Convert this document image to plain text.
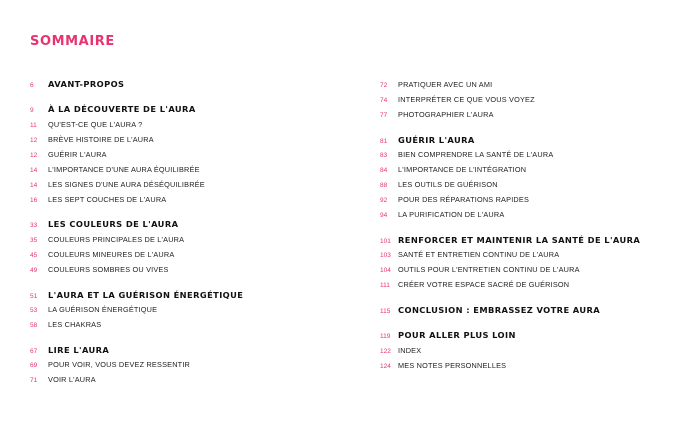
SOMMAIRE
6	AVANT-PROPOS
9	À LA DÉCOUVERTE DE L'AURA
11	QU'EST-CE QUE L'AURA ?
12	BRÈVE HISTOIRE DE L'AURA
12	GUÉRIR L'AURA
14	L'IMPORTANCE D'UNE AURA ÉQUILIBRÉE
14	LES SIGNES D'UNE AURA DÉSÉQUILIBRÉE
16	LES SEPT COUCHES DE L'AURA
33	LES COULEURS DE L'AURA
35	COULEURS PRINCIPALES DE L'AURA
45	COULEURS MINEURES DE L'AURA
49	COULEURS SOMBRES OU VIVES
51	L'AURA ET LA GUÉRISON ÉNERGÉTIQUE
53	LA GUÉRISON ÉNERGÉTIQUE
58	LES CHAKRAS
67	LIRE L'AURA
69	POUR VOIR, VOUS DEVEZ RESSENTIR
71	VOIR L'AURA
72	PRATIQUER AVEC UN AMI
74	INTERPRÉTER CE QUE VOUS VOYEZ
77	PHOTOGRAPHIER L'AURA
81	GUÉRIR L'AURA
83	BIEN COMPRENDRE LA SANTÉ DE L'AURA
84	L'IMPORTANCE DE L'INTÉGRATION
88	LES OUTILS DE GUÉRISON
92	POUR DES RÉPARATIONS RAPIDES
94	LA PURIFICATION DE L'AURA
101 RENFORCER ET MAINTENIR LA SANTÉ DE L'AURA
103 SANTÉ ET ENTRETIEN CONTINU DE L'AURA
104 OUTILS POUR L'ENTRETIEN CONTINU DE L'AURA
111	CRÉER VOTRE ESPACE SACRÉ DE GUÉRISON
115 CONCLUSION : EMBRASSEZ VOTRE AURA
119 POUR ALLER PLUS LOIN
122 INDEX
124 MES NOTES PERSONNELLES
